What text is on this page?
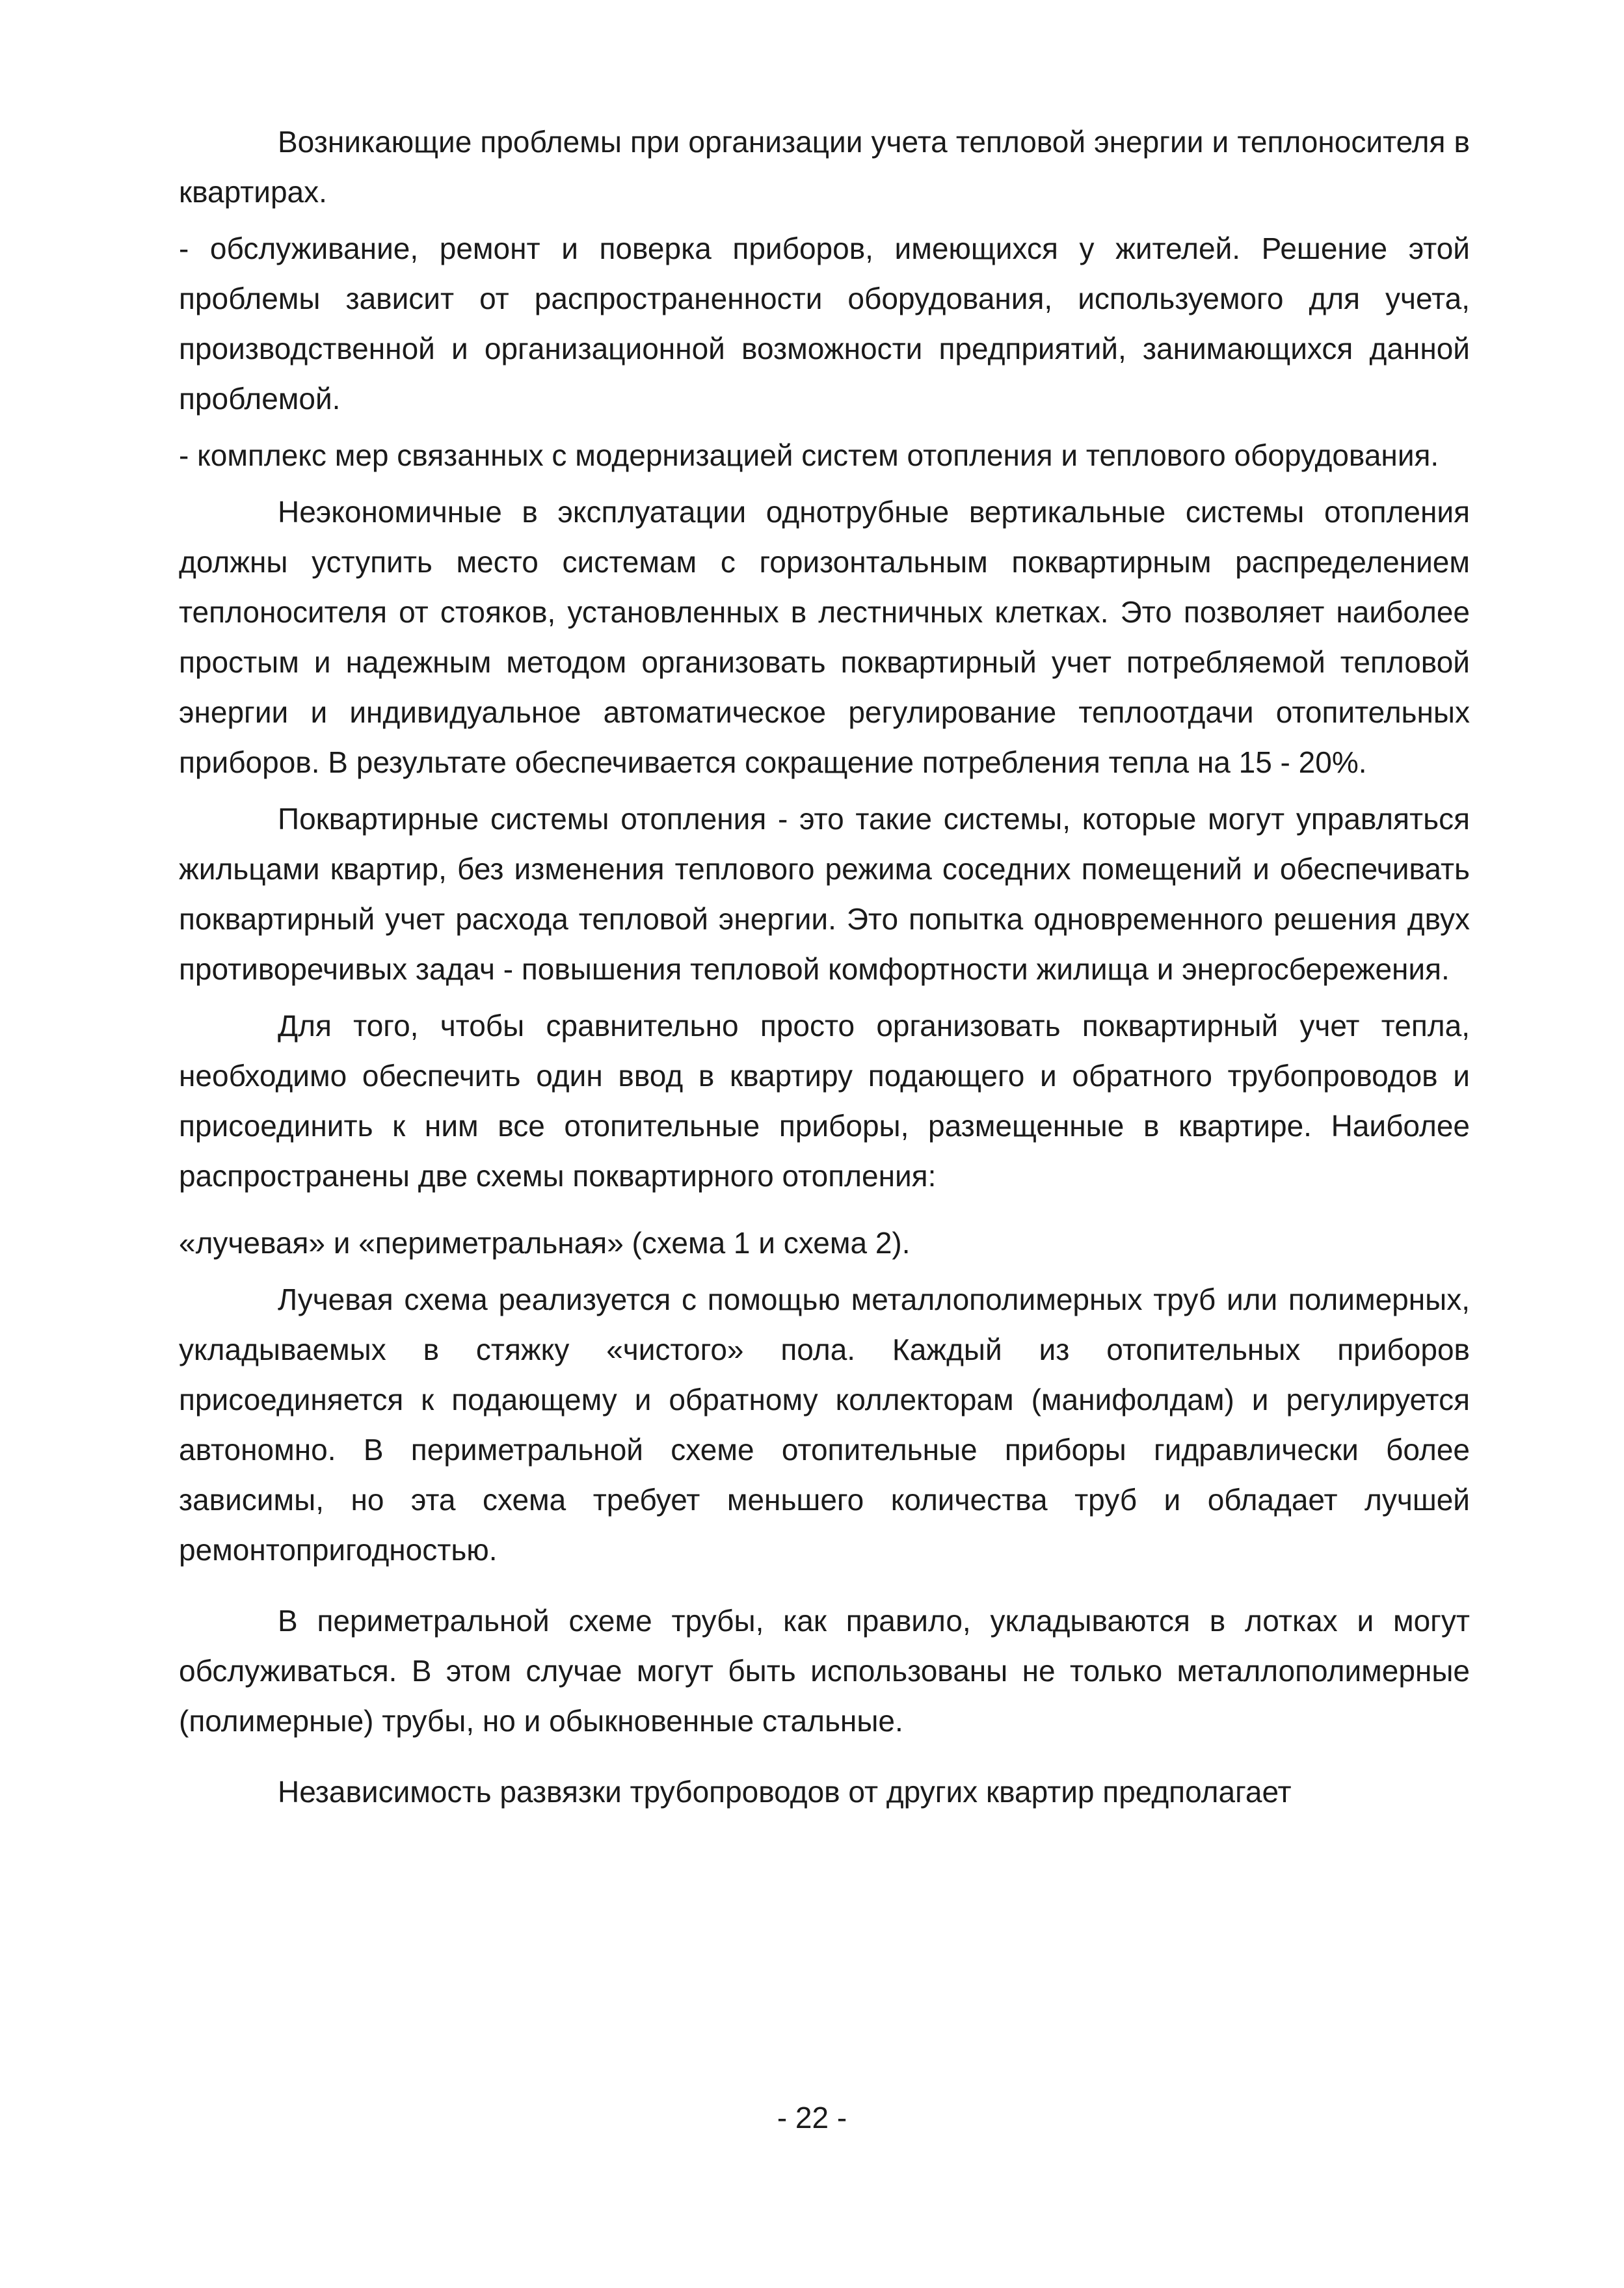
Возникающие проблемы при организации учета тепловой энергии и теплоносителя в квартирах.

- обслуживание, ремонт и поверка приборов, имеющихся у жителей. Решение этой проблемы зависит от распространенности оборудования, используемого для учета, производственной и организационной возможности предприятий, занимающихся данной проблемой.

- комплекс мер связанных с модернизацией систем отопления и теплового оборудования.

Неэкономичные в эксплуатации однотрубные вертикальные системы отопления должны уступить место системам с горизонтальным поквартирным распределением теплоносителя от стояков, установленных в лестничных клетках. Это позволяет наиболее простым и надежным методом организовать поквартирный учет потребляемой тепловой энергии и индивидуальное автоматическое регулирование теплоотдачи отопительных приборов. В результате обеспечивается сокращение потребления тепла на 15 - 20%.

Поквартирные системы отопления - это такие системы, которые могут управляться жильцами квартир, без изменения теплового режима соседних помещений и обеспечивать поквартирный учет расхода тепловой энергии. Это попытка одновременного решения двух противоречивых задач - повышения тепловой комфортности жилища и энергосбережения.

Для того, чтобы сравнительно просто организовать поквартирный учет тепла, необходимо обеспечить один ввод в квартиру подающего и обратного трубопроводов и присоединить к ним все отопительные приборы, размещенные в квартире. Наиболее распространены две схемы поквартирного отопления:

«лучевая» и «периметральная» (схема 1 и схема 2).

Лучевая схема реализуется с помощью металлополимерных труб или полимерных, укладываемых в стяжку «чистого» пола. Каждый из отопительных приборов присоединяется к подающему и обратному коллекторам (манифолдам) и регулируется автономно. В периметральной схеме отопительные приборы гидравлически более зависимы, но эта схема требует меньшего количества труб и обладает лучшей ремонтопригодностью.

В периметральной схеме трубы, как правило, укладываются в лотках и могут обслуживаться. В этом случае могут быть использованы не только металлополимерные (полимерные) трубы, но и обыкновенные стальные.

Независимость развязки трубопроводов от других квартир предполагает

- 22 -
